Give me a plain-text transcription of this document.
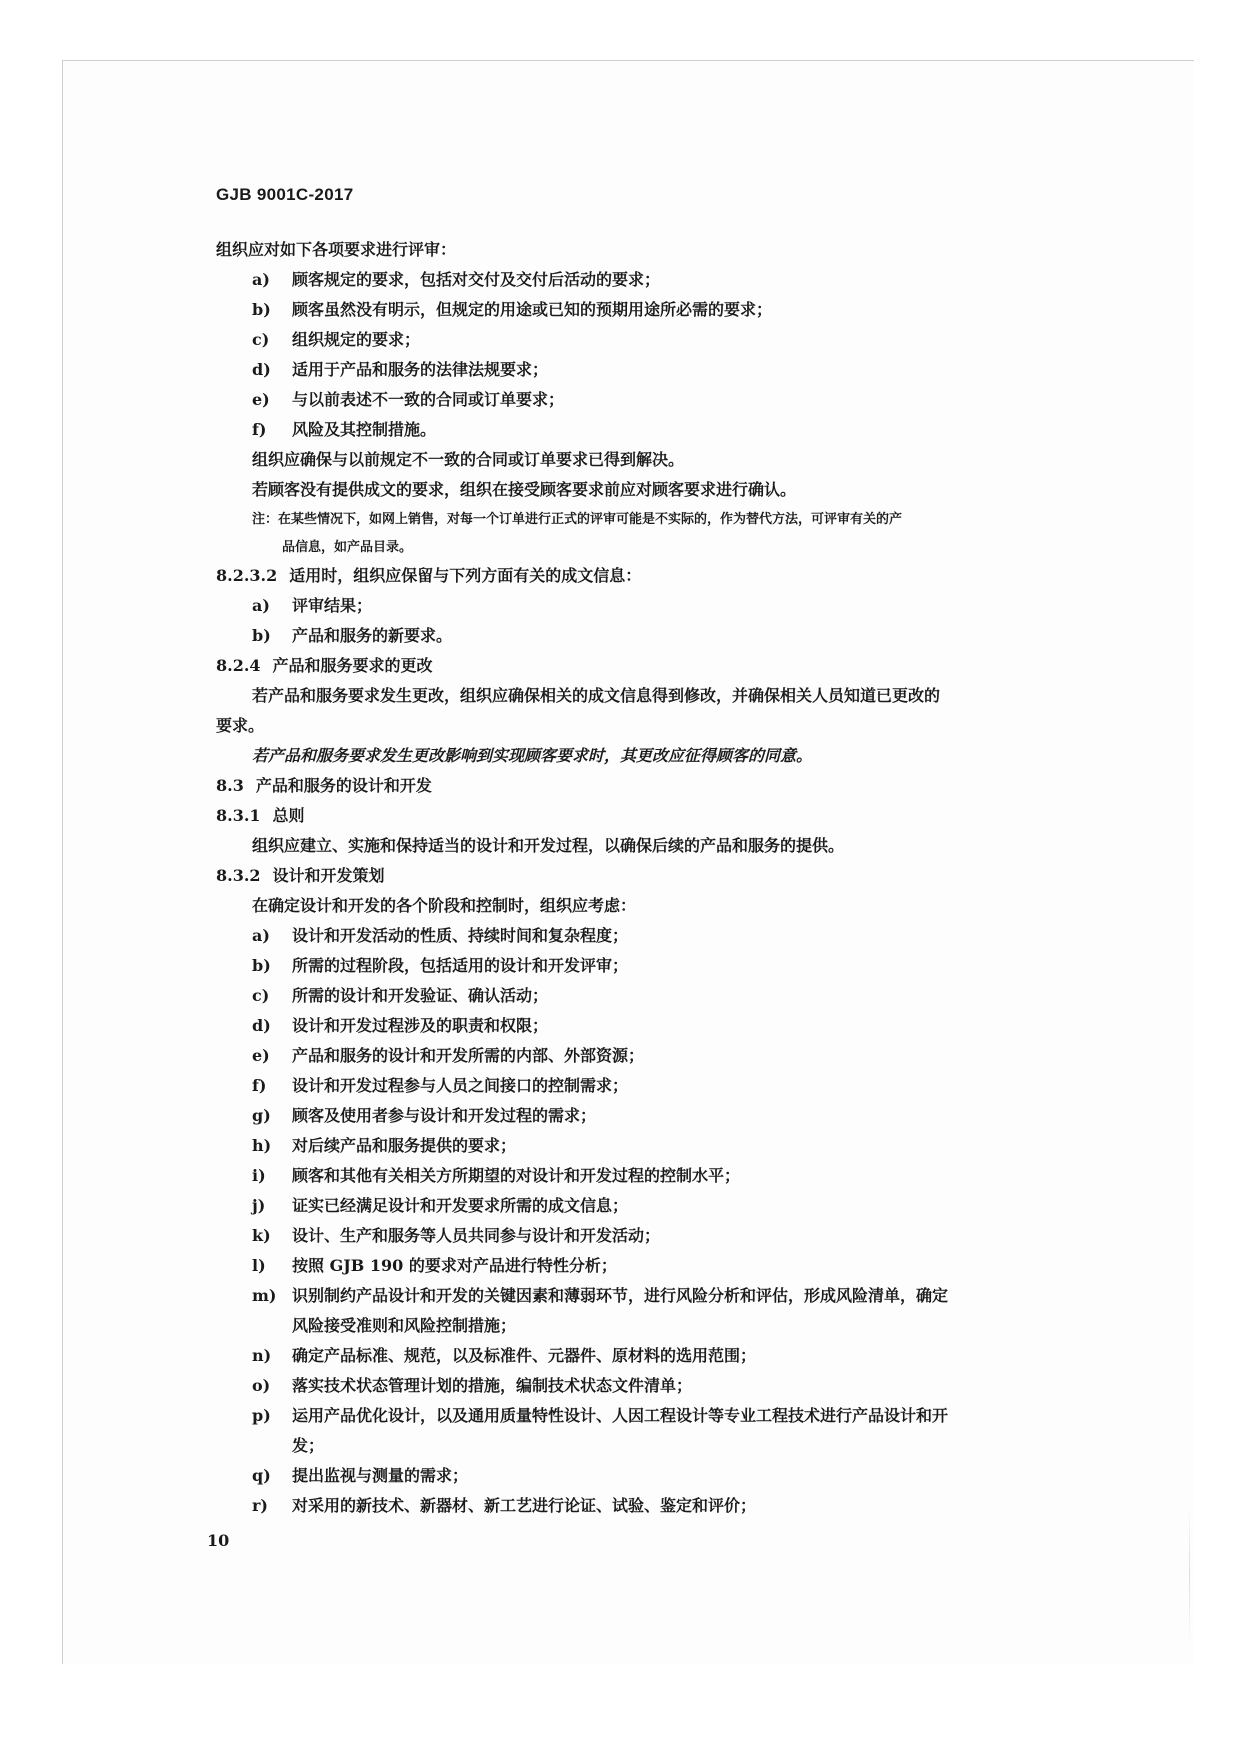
GJB 9001C-2017
组织应对如下各项要求进行评审：
a) 顾客规定的要求，包括对交付及交付后活动的要求；
b) 顾客虽然没有明示，但规定的用途或已知的预期用途所必需的要求；
c) 组织规定的要求；
d) 适用于产品和服务的法律法规要求；
e) 与以前表述不一致的合同或订单要求；
f) 风险及其控制措施。
组织应确保与以前规定不一致的合同或订单要求已得到解决。
若顾客没有提供成文的要求，组织在接受顾客要求前应对顾客要求进行确认。
注：在某些情况下，如网上销售，对每一个订单进行正式的评审可能是不实际的，作为替代方法，可评审有关的产
品信息，如产品目录。
8.2.3.2 适用时，组织应保留与下列方面有关的成文信息：
a) 评审结果；
b) 产品和服务的新要求。
8.2.4 产品和服务要求的更改
若产品和服务要求发生更改，组织应确保相关的成文信息得到修改，并确保相关人员知道已更改的
要求。
若产品和服务要求发生更改影响到实现顾客要求时，其更改应征得顾客的同意。
8.3 产品和服务的设计和开发
8.3.1 总则
组织应建立、实施和保持适当的设计和开发过程，以确保后续的产品和服务的提供。
8.3.2 设计和开发策划
在确定设计和开发的各个阶段和控制时，组织应考虑：
a) 设计和开发活动的性质、持续时间和复杂程度；
b) 所需的过程阶段，包括适用的设计和开发评审；
c) 所需的设计和开发验证、确认活动；
d) 设计和开发过程涉及的职责和权限；
e) 产品和服务的设计和开发所需的内部、外部资源；
f) 设计和开发过程参与人员之间接口的控制需求；
g) 顾客及使用者参与设计和开发过程的需求；
h) 对后续产品和服务提供的要求；
i) 顾客和其他有关相关方所期望的对设计和开发过程的控制水平；
j) 证实已经满足设计和开发要求所需的成文信息；
k) 设计、生产和服务等人员共同参与设计和开发活动；
l) 按照 GJB 190 的要求对产品进行特性分析；
m) 识别制约产品设计和开发的关键因素和薄弱环节，进行风险分析和评估，形成风险清单，确定
风险接受准则和风险控制措施；
n) 确定产品标准、规范，以及标准件、元器件、原材料的选用范围；
o) 落实技术状态管理计划的措施，编制技术状态文件清单；
p) 运用产品优化设计，以及通用质量特性设计、人因工程设计等专业工程技术进行产品设计和开
发；
q) 提出监视与测量的需求；
r) 对采用的新技术、新器材、新工艺进行论证、试验、鉴定和评价；
10
